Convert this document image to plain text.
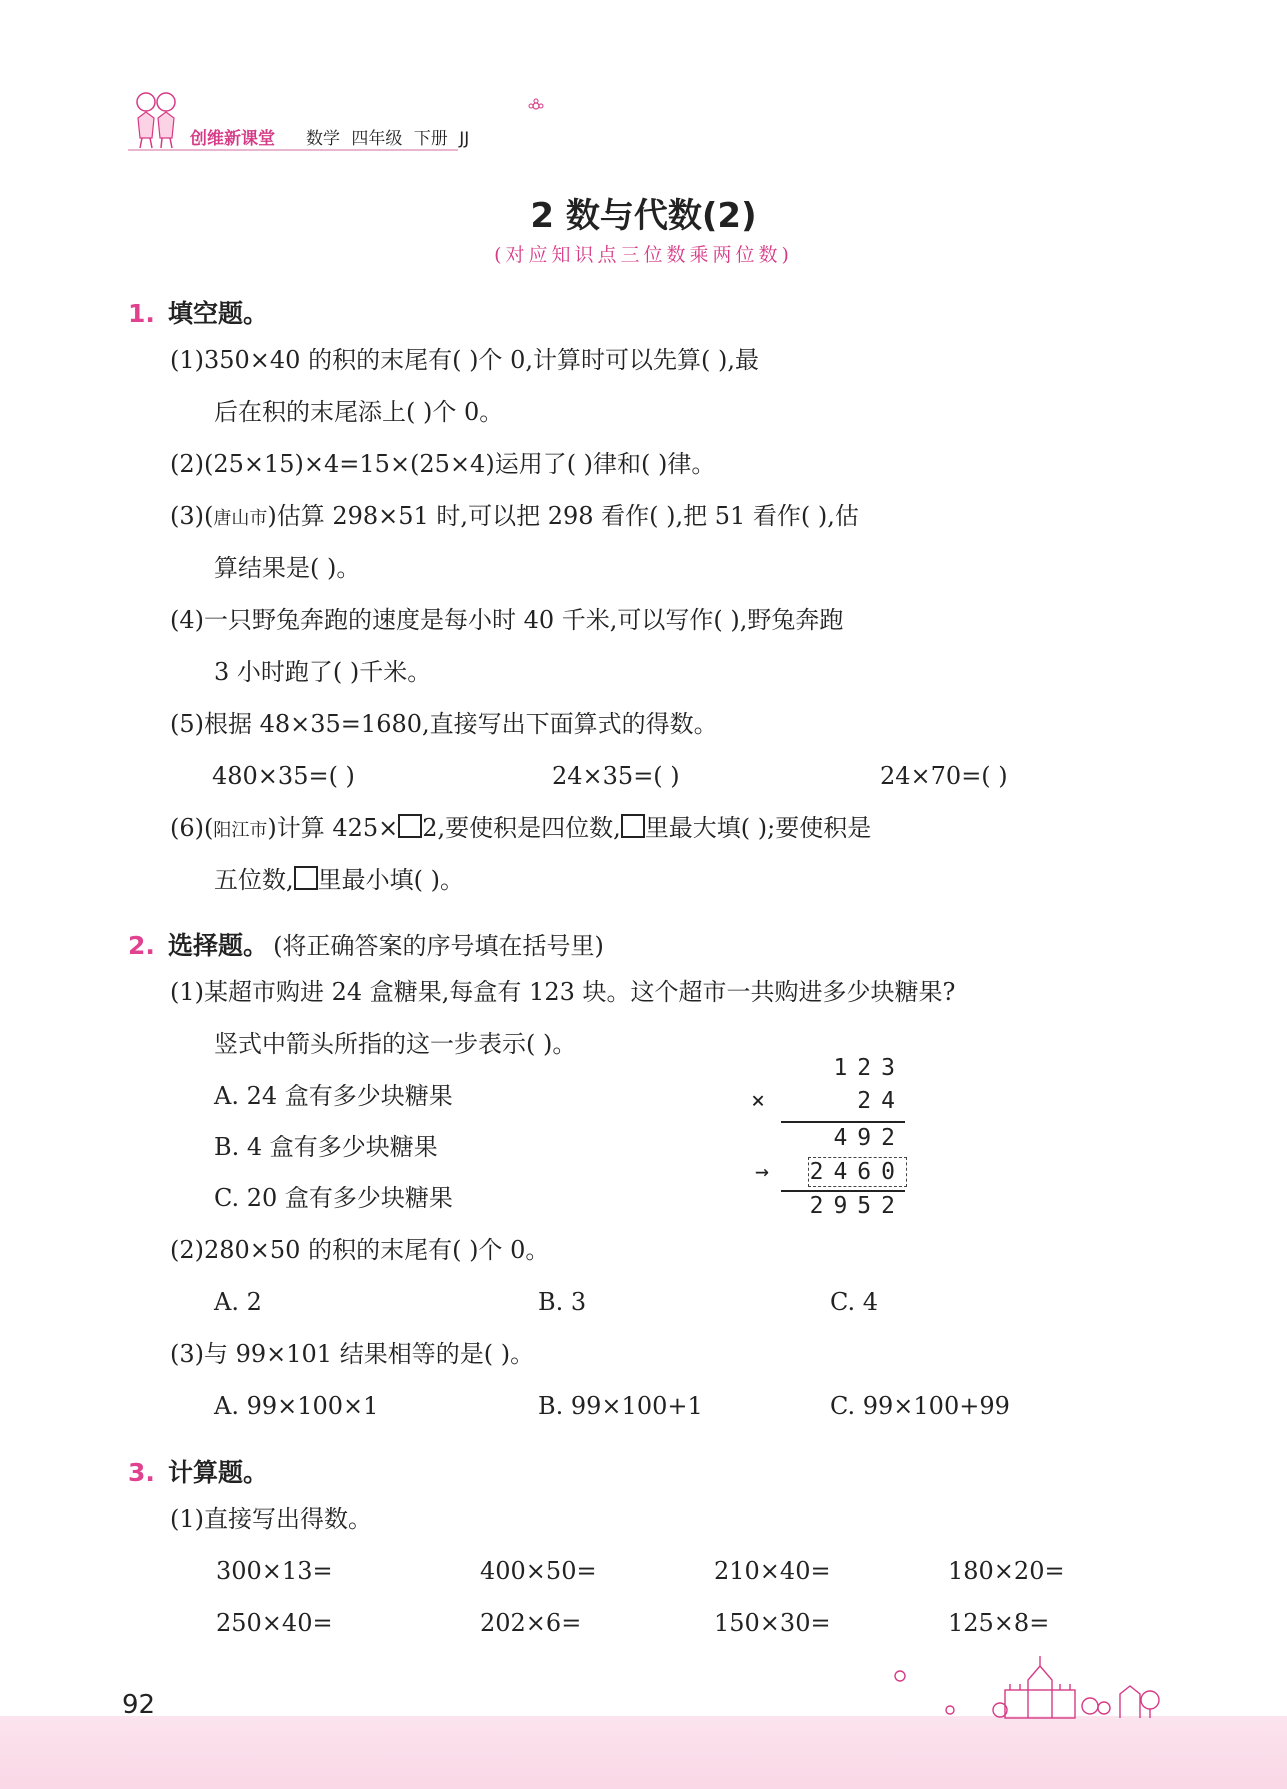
创维新课堂 数学 四年级 下册 JJ
2 数与代数(2)
(对应知识点三位数乘两位数)
1. 填空题。
(1)350×40 的积的末尾有( )个 0,计算时可以先算( ),最
后在积的末尾添上( )个 0。
(2)(25×15)×4=15×(25×4)运用了( )律和( )律。
(3)(唐山市)估算 298×51 时,可以把 298 看作( ),把 51 看作( ),估
算结果是( )。
(4)一只野兔奔跑的速度是每小时 40 千米,可以写作( ),野兔奔跑
3 小时跑了( )千米。
(5)根据 48×35=1680,直接写出下面算式的得数。
480×35=( )	24×35=( )	24×70=( )
(6)(阳江市)计算 425× 2,要使积是四位数, 里最大填( );要使积是
五位数, 里最小填( )。
2. 选择题。 (将正确答案的序号填在括号里)
(1)某超市购进 24 盒糖果,每盒有 123 块。这个超市一共购进多少块糖果?
竖式中箭头所指的这一步表示( )。
A. 24 盒有多少块糖果
B. 4 盒有多少块糖果
C. 20 盒有多少块糖果
123
×	24
492
→ 2460
2952
(2)280×50 的积的末尾有( )个 0。
A. 2	B. 3	C. 4
(3)与 99×101 结果相等的是( )。
A. 99×100×1	B. 99×100+1	C. 99×100+99
3. 计算题。
(1)直接写出得数。
300×13=	400×50=	210×40=	180×20=
250×40=	202×6=	150×30=	125×8=
92
